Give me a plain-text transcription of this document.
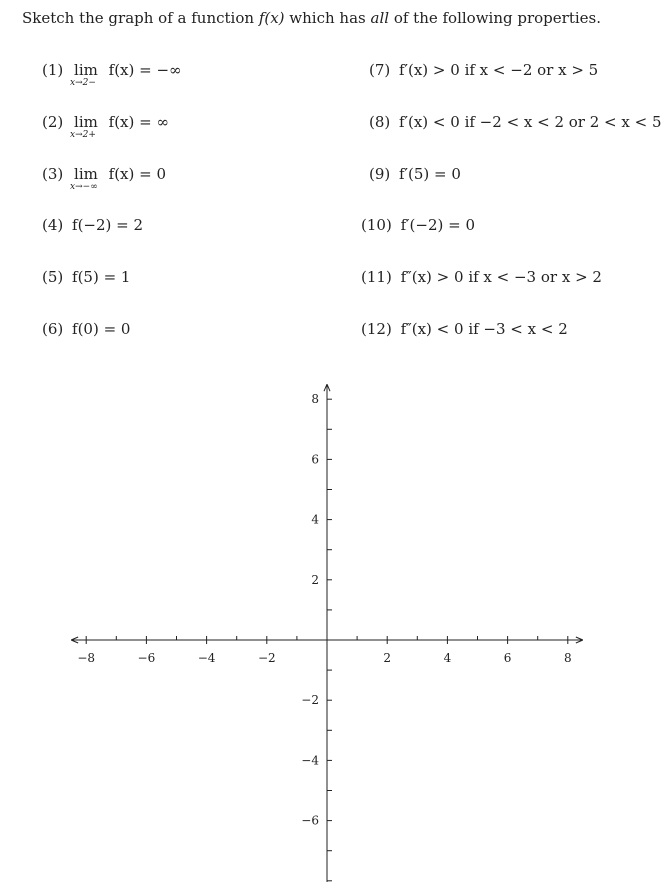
Sketch the graph of a function f(x) which has all of the following properties.
(1) lim
x→2−
f(x) = −∞
(2) lim
x→2+
f(x) = ∞
(3) lim
x→−∞
f(x) = 0
(4) f(−2) = 2
(5) f(5) = 1
(6) f(0) = 0
(7) f′(x) > 0 if x < −2 or x > 5
(8) f′(x) < 0 if −2 < x < 2 or 2 < x < 5
(9) f′(5) = 0
(10) f′(−2) = 0
(11) f″(x) > 0 if x < −3 or x > 2
(12) f″(x) < 0 if −3 < x < 2
−8	−6	−4	−2	2	4	6	8
8
6
4
2
−2
−4
−6
